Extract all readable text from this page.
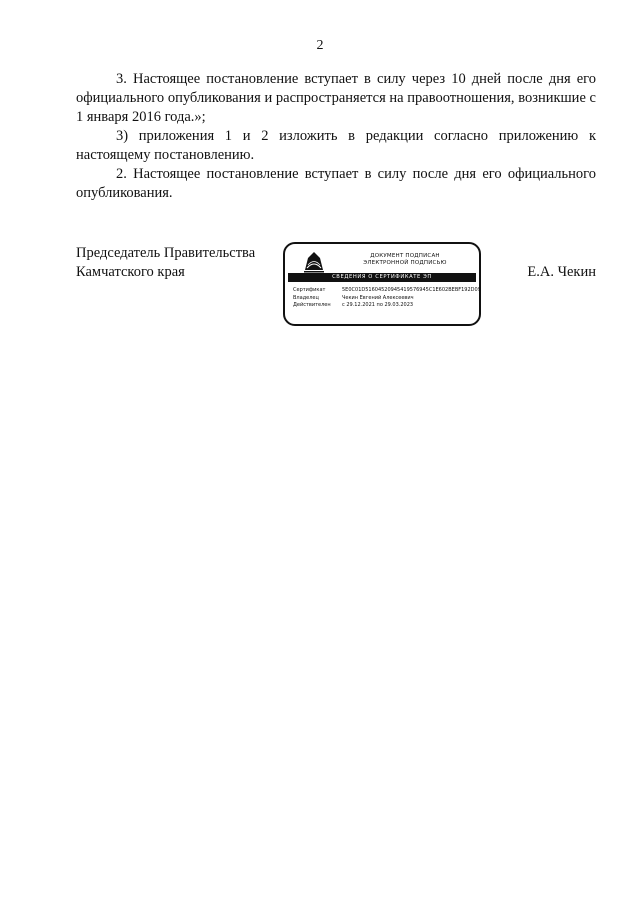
2

3. Настоящее постановление вступает в силу через 10 дней после дня его официального опубликования и распространяется на правоотношения, возникшие с 1 января 2016 года.»;

3) приложения 1 и 2 изложить в редакции согласно приложению к настоящему постановлению.

2. Настоящее постановление вступает в силу после дня его официального опубликования.

Председатель Правительства
Камчатского края
ДОКУМЕНТ ПОДПИСАН
ЭЛЕКТРОННОЙ ПОДПИСЬЮ
СВЕДЕНИЯ О СЕРТИФИКАТЕ ЭП
Сертификат	5E0C01D51604520945419576945C1E602BEBF192D09
Владелец	Чекин Евгений Алексеевич
Действителен	с 29.12.2021 по 29.03.2023
Е.А. Чекин
